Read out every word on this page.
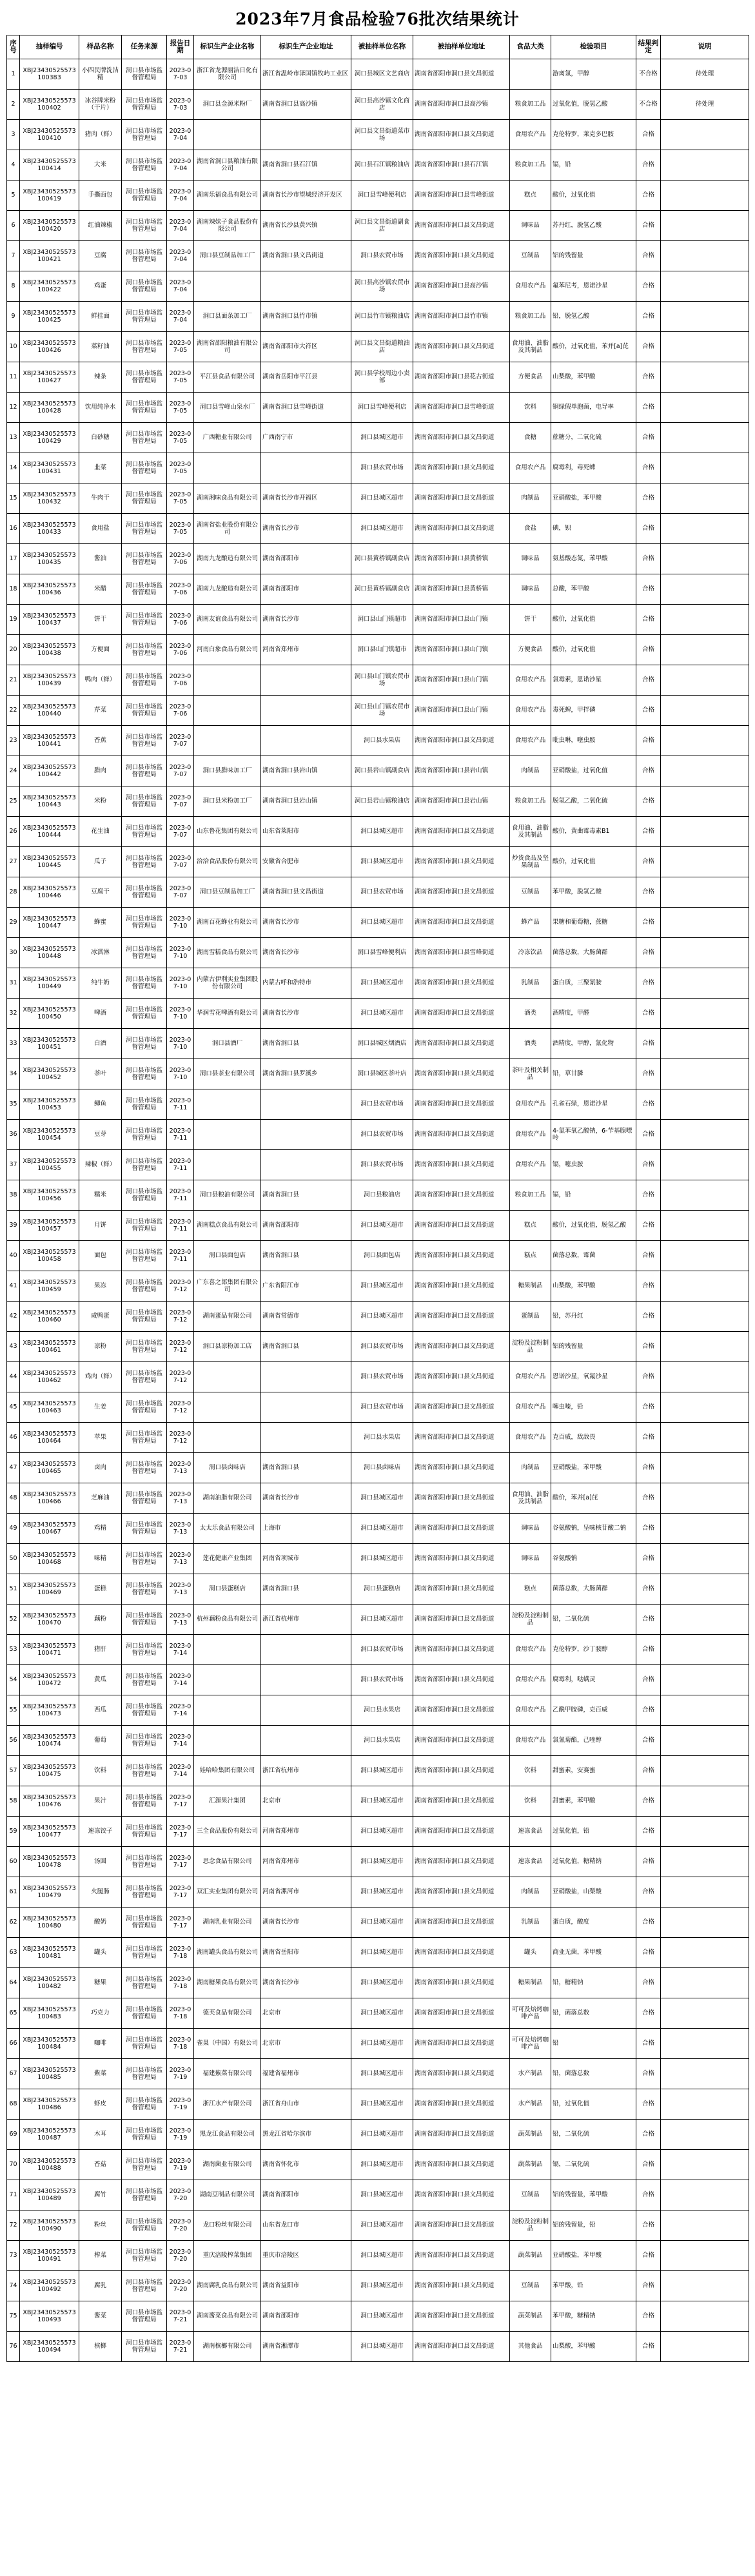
2023年7月食品检验76批次结果统计
序号	抽样编号	样品名称	任务来源	报告日期	标识生产企业名称	标识生产企业地址	被抽样单位名称	被抽样单位地址	食品大类	检验项目	结果判定	说明
1	XBJ23430525573100383	小四民牌洗洁精	洞口县市场监督管理局	2023-07-03	浙江省龙源丽洁日化有限公司	浙江省温岭市泽国镇牧屿工业区	洞口县城区文艺商店	湖南省邵阳市洞口县文昌街道		游离氯，甲醇	不合格	待处理
2	XBJ23430525573100402	冰谷牌米粉（干片）	洞口县市场监督管理局	2023-07-03	洞口县金源米粉厂	湖南省洞口县高沙镇	洞口县高沙镇文化商店	湖南省邵阳市洞口县高沙镇	粮食加工品	过氧化值，脱氢乙酸	不合格	待处理
3	XBJ23430525573100410	猪肉（鲜）	洞口县市场监督管理局	2023-07-04			洞口县文昌街道菜市场	湖南省邵阳市洞口县文昌街道	食用农产品	克伦特罗，莱克多巴胺	合格	
4	XBJ23430525573100414	大米	洞口县市场监督管理局	2023-07-04	湖南省洞口县粮油有限公司	湖南省洞口县石江镇	洞口县石江镇粮油店	湖南省邵阳市洞口县石江镇	粮食加工品	镉，铅	合格	
5	XBJ23430525573100419	手撕面包	洞口县市场监督管理局	2023-07-04	湖南乐福食品有限公司	湖南省长沙市望城经济开发区	洞口县雪峰便利店	湖南省邵阳市洞口县雪峰街道	糕点	酸价，过氧化值	合格	
6	XBJ23430525573100420	红油辣椒	洞口县市场监督管理局	2023-07-04	湖南辣妹子食品股份有限公司	湖南省长沙县黄兴镇	洞口县文昌街道副食店	湖南省邵阳市洞口县文昌街道	调味品	苏丹红，脱氢乙酸	合格	
7	XBJ23430525573100421	豆腐	洞口县市场监督管理局	2023-07-04	洞口县豆制品加工厂	湖南省洞口县文昌街道	洞口县农贸市场	湖南省邵阳市洞口县文昌街道	豆制品	铝的残留量	合格	
8	XBJ23430525573100422	鸡蛋	洞口县市场监督管理局	2023-07-04			洞口县高沙镇农贸市场	湖南省邵阳市洞口县高沙镇	食用农产品	氟苯尼考，恩诺沙星	合格	
9	XBJ23430525573100425	鲜挂面	洞口县市场监督管理局	2023-07-04	洞口县面条加工厂	湖南省洞口县竹市镇	洞口县竹市镇粮油店	湖南省邵阳市洞口县竹市镇	粮食加工品	铅，脱氢乙酸	合格	
10	XBJ23430525573100426	菜籽油	洞口县市场监督管理局	2023-07-05	湖南省邵阳粮油有限公司	湖南省邵阳市大祥区	洞口县文昌街道粮油店	湖南省邵阳市洞口县文昌街道	食用油、油脂及其制品	酸价，过氧化值，苯并[a]芘	合格	
11	XBJ23430525573100427	辣条	洞口县市场监督管理局	2023-07-05	平江县食品有限公司	湖南省岳阳市平江县	洞口县学校周边小卖部	湖南省邵阳市洞口县花古街道	方便食品	山梨酸，苯甲酸	合格	
12	XBJ23430525573100428	饮用纯净水	洞口县市场监督管理局	2023-07-05	洞口县雪峰山泉水厂	湖南省洞口县雪峰街道	洞口县雪峰便利店	湖南省邵阳市洞口县雪峰街道	饮料	铜绿假单胞菌，电导率	合格	
13	XBJ23430525573100429	白砂糖	洞口县市场监督管理局	2023-07-05	广西糖业有限公司	广西南宁市	洞口县城区超市	湖南省邵阳市洞口县文昌街道	食糖	蔗糖分，二氧化硫	合格	
14	XBJ23430525573100431	韭菜	洞口县市场监督管理局	2023-07-05			洞口县农贸市场	湖南省邵阳市洞口县文昌街道	食用农产品	腐霉利，毒死蜱	合格	
15	XBJ23430525573100432	牛肉干	洞口县市场监督管理局	2023-07-05	湖南湘味食品有限公司	湖南省长沙市开福区	洞口县城区超市	湖南省邵阳市洞口县文昌街道	肉制品	亚硝酸盐，苯甲酸	合格	
16	XBJ23430525573100433	食用盐	洞口县市场监督管理局	2023-07-05	湖南省盐业股份有限公司	湖南省长沙市	洞口县城区超市	湖南省邵阳市洞口县文昌街道	食盐	碘，钡	合格	
17	XBJ23430525573100435	酱油	洞口县市场监督管理局	2023-07-06	湖南九龙酿造有限公司	湖南省邵阳市	洞口县黄桥镇副食店	湖南省邵阳市洞口县黄桥镇	调味品	氨基酸态氮，苯甲酸	合格	
18	XBJ23430525573100436	米醋	洞口县市场监督管理局	2023-07-06	湖南九龙酿造有限公司	湖南省邵阳市	洞口县黄桥镇副食店	湖南省邵阳市洞口县黄桥镇	调味品	总酸，苯甲酸	合格	
19	XBJ23430525573100437	饼干	洞口县市场监督管理局	2023-07-06	湖南友谊食品有限公司	湖南省长沙市	洞口县山门镇超市	湖南省邵阳市洞口县山门镇	饼干	酸价，过氧化值	合格	
20	XBJ23430525573100438	方便面	洞口县市场监督管理局	2023-07-06	河南白象食品有限公司	河南省郑州市	洞口县山门镇超市	湖南省邵阳市洞口县山门镇	方便食品	酸价，过氧化值	合格	
21	XBJ23430525573100439	鸭肉（鲜）	洞口县市场监督管理局	2023-07-06			洞口县山门镇农贸市场	湖南省邵阳市洞口县山门镇	食用农产品	氯霉素，恩诺沙星	合格	
22	XBJ23430525573100440	芹菜	洞口县市场监督管理局	2023-07-06			洞口县山门镇农贸市场	湖南省邵阳市洞口县山门镇	食用农产品	毒死蜱，甲拌磷	合格	
23	XBJ23430525573100441	香蕉	洞口县市场监督管理局	2023-07-07			洞口县水果店	湖南省邵阳市洞口县文昌街道	食用农产品	吡虫啉，噻虫胺	合格	
24	XBJ23430525573100442	腊肉	洞口县市场监督管理局	2023-07-07	洞口县腊味加工厂	湖南省洞口县岩山镇	洞口县岩山镇副食店	湖南省邵阳市洞口县岩山镇	肉制品	亚硝酸盐，过氧化值	合格	
25	XBJ23430525573100443	米粉	洞口县市场监督管理局	2023-07-07	洞口县米粉加工厂	湖南省洞口县岩山镇	洞口县岩山镇粮油店	湖南省邵阳市洞口县岩山镇	粮食加工品	脱氢乙酸，二氧化硫	合格	
26	XBJ23430525573100444	花生油	洞口县市场监督管理局	2023-07-07	山东鲁花集团有限公司	山东省莱阳市	洞口县城区超市	湖南省邵阳市洞口县文昌街道	食用油、油脂及其制品	酸价，黄曲霉毒素B1	合格	
27	XBJ23430525573100445	瓜子	洞口县市场监督管理局	2023-07-07	洽洽食品股份有限公司	安徽省合肥市	洞口县城区超市	湖南省邵阳市洞口县文昌街道	炒货食品及坚果制品	酸价，过氧化值	合格	
28	XBJ23430525573100446	豆腐干	洞口县市场监督管理局	2023-07-07	洞口县豆制品加工厂	湖南省洞口县文昌街道	洞口县农贸市场	湖南省邵阳市洞口县文昌街道	豆制品	苯甲酸，脱氢乙酸	合格	
29	XBJ23430525573100447	蜂蜜	洞口县市场监督管理局	2023-07-10	湖南百花蜂业有限公司	湖南省长沙市	洞口县城区超市	湖南省邵阳市洞口县文昌街道	蜂产品	果糖和葡萄糖，蔗糖	合格	
30	XBJ23430525573100448	冰淇淋	洞口县市场监督管理局	2023-07-10	湖南雪糕食品有限公司	湖南省长沙市	洞口县雪峰便利店	湖南省邵阳市洞口县雪峰街道	冷冻饮品	菌落总数，大肠菌群	合格	
31	XBJ23430525573100449	纯牛奶	洞口县市场监督管理局	2023-07-10	内蒙古伊利实业集团股份有限公司	内蒙古呼和浩特市	洞口县城区超市	湖南省邵阳市洞口县文昌街道	乳制品	蛋白质，三聚氰胺	合格	
32	XBJ23430525573100450	啤酒	洞口县市场监督管理局	2023-07-10	华润雪花啤酒有限公司	湖南省长沙市	洞口县城区超市	湖南省邵阳市洞口县文昌街道	酒类	酒精度，甲醛	合格	
33	XBJ23430525573100451	白酒	洞口县市场监督管理局	2023-07-10	洞口县酒厂	湖南省洞口县	洞口县城区烟酒店	湖南省邵阳市洞口县文昌街道	酒类	酒精度，甲醇，氰化物	合格	
34	XBJ23430525573100452	茶叶	洞口县市场监督管理局	2023-07-10	洞口县茶业有限公司	湖南省洞口县罗溪乡	洞口县城区茶叶店	湖南省邵阳市洞口县文昌街道	茶叶及相关制品	铅，草甘膦	合格	
35	XBJ23430525573100453	鲫鱼	洞口县市场监督管理局	2023-07-11			洞口县农贸市场	湖南省邵阳市洞口县文昌街道	食用农产品	孔雀石绿，恩诺沙星	合格	
36	XBJ23430525573100454	豆芽	洞口县市场监督管理局	2023-07-11			洞口县农贸市场	湖南省邵阳市洞口县文昌街道	食用农产品	4-氯苯氧乙酸钠，6-苄基腺嘌呤	合格	
37	XBJ23430525573100455	辣椒（鲜）	洞口县市场监督管理局	2023-07-11			洞口县农贸市场	湖南省邵阳市洞口县文昌街道	食用农产品	镉，噻虫胺	合格	
38	XBJ23430525573100456	糯米	洞口县市场监督管理局	2023-07-11	洞口县粮油有限公司	湖南省洞口县	洞口县粮油店	湖南省邵阳市洞口县文昌街道	粮食加工品	镉，铅	合格	
39	XBJ23430525573100457	月饼	洞口县市场监督管理局	2023-07-11	湖南糕点食品有限公司	湖南省邵阳市	洞口县城区超市	湖南省邵阳市洞口县文昌街道	糕点	酸价，过氧化值，脱氢乙酸	合格	
40	XBJ23430525573100458	面包	洞口县市场监督管理局	2023-07-11	洞口县面包店	湖南省洞口县	洞口县面包店	湖南省邵阳市洞口县文昌街道	糕点	菌落总数，霉菌	合格	
41	XBJ23430525573100459	果冻	洞口县市场监督管理局	2023-07-12	广东喜之郎集团有限公司	广东省阳江市	洞口县城区超市	湖南省邵阳市洞口县文昌街道	糖果制品	山梨酸，苯甲酸	合格	
42	XBJ23430525573100460	咸鸭蛋	洞口县市场监督管理局	2023-07-12	湖南蛋品有限公司	湖南省常德市	洞口县城区超市	湖南省邵阳市洞口县文昌街道	蛋制品	铅，苏丹红	合格	
43	XBJ23430525573100461	凉粉	洞口县市场监督管理局	2023-07-12	洞口县凉粉加工店	湖南省洞口县	洞口县农贸市场	湖南省邵阳市洞口县文昌街道	淀粉及淀粉制品	铝的残留量	合格	
44	XBJ23430525573100462	鸡肉（鲜）	洞口县市场监督管理局	2023-07-12			洞口县农贸市场	湖南省邵阳市洞口县文昌街道	食用农产品	恩诺沙星，氧氟沙星	合格	
45	XBJ23430525573100463	生姜	洞口县市场监督管理局	2023-07-12			洞口县农贸市场	湖南省邵阳市洞口县文昌街道	食用农产品	噻虫嗪，铅	合格	
46	XBJ23430525573100464	苹果	洞口县市场监督管理局	2023-07-12			洞口县水果店	湖南省邵阳市洞口县文昌街道	食用农产品	克百威，敌敌畏	合格	
47	XBJ23430525573100465	卤肉	洞口县市场监督管理局	2023-07-13	洞口县卤味店	湖南省洞口县	洞口县卤味店	湖南省邵阳市洞口县文昌街道	肉制品	亚硝酸盐，苯甲酸	合格	
48	XBJ23430525573100466	芝麻油	洞口县市场监督管理局	2023-07-13	湖南油脂有限公司	湖南省长沙市	洞口县城区超市	湖南省邵阳市洞口县文昌街道	食用油、油脂及其制品	酸价，苯并[a]芘	合格	
49	XBJ23430525573100467	鸡精	洞口县市场监督管理局	2023-07-13	太太乐食品有限公司	上海市	洞口县城区超市	湖南省邵阳市洞口县文昌街道	调味品	谷氨酸钠，呈味核苷酸二钠	合格	
50	XBJ23430525573100468	味精	洞口县市场监督管理局	2023-07-13	莲花健康产业集团	河南省项城市	洞口县城区超市	湖南省邵阳市洞口县文昌街道	调味品	谷氨酸钠	合格	
51	XBJ23430525573100469	蛋糕	洞口县市场监督管理局	2023-07-13	洞口县蛋糕店	湖南省洞口县	洞口县蛋糕店	湖南省邵阳市洞口县文昌街道	糕点	菌落总数，大肠菌群	合格	
52	XBJ23430525573100470	藕粉	洞口县市场监督管理局	2023-07-13	杭州藕粉食品有限公司	浙江省杭州市	洞口县城区超市	湖南省邵阳市洞口县文昌街道	淀粉及淀粉制品	铅，二氧化硫	合格	
53	XBJ23430525573100471	猪肝	洞口县市场监督管理局	2023-07-14			洞口县农贸市场	湖南省邵阳市洞口县文昌街道	食用农产品	克伦特罗，沙丁胺醇	合格	
54	XBJ23430525573100472	黄瓜	洞口县市场监督管理局	2023-07-14			洞口县农贸市场	湖南省邵阳市洞口县文昌街道	食用农产品	腐霉利，哒螨灵	合格	
55	XBJ23430525573100473	西瓜	洞口县市场监督管理局	2023-07-14			洞口县水果店	湖南省邵阳市洞口县文昌街道	食用农产品	乙酰甲胺磷，克百威	合格	
56	XBJ23430525573100474	葡萄	洞口县市场监督管理局	2023-07-14			洞口县水果店	湖南省邵阳市洞口县文昌街道	食用农产品	氯氰菊酯，己唑醇	合格	
57	XBJ23430525573100475	饮料	洞口县市场监督管理局	2023-07-14	娃哈哈集团有限公司	浙江省杭州市	洞口县城区超市	湖南省邵阳市洞口县文昌街道	饮料	甜蜜素，安赛蜜	合格	
58	XBJ23430525573100476	果汁	洞口县市场监督管理局	2023-07-17	汇源果汁集团	北京市	洞口县城区超市	湖南省邵阳市洞口县文昌街道	饮料	甜蜜素，苯甲酸	合格	
59	XBJ23430525573100477	速冻饺子	洞口县市场监督管理局	2023-07-17	三全食品股份有限公司	河南省郑州市	洞口县城区超市	湖南省邵阳市洞口县文昌街道	速冻食品	过氧化值，铅	合格	
60	XBJ23430525573100478	汤圆	洞口县市场监督管理局	2023-07-17	思念食品有限公司	河南省郑州市	洞口县城区超市	湖南省邵阳市洞口县文昌街道	速冻食品	过氧化值，糖精钠	合格	
61	XBJ23430525573100479	火腿肠	洞口县市场监督管理局	2023-07-17	双汇实业集团有限公司	河南省漯河市	洞口县城区超市	湖南省邵阳市洞口县文昌街道	肉制品	亚硝酸盐，山梨酸	合格	
62	XBJ23430525573100480	酸奶	洞口县市场监督管理局	2023-07-17	湖南乳业有限公司	湖南省长沙市	洞口县城区超市	湖南省邵阳市洞口县文昌街道	乳制品	蛋白质，酸度	合格	
63	XBJ23430525573100481	罐头	洞口县市场监督管理局	2023-07-18	湖南罐头食品有限公司	湖南省岳阳市	洞口县城区超市	湖南省邵阳市洞口县文昌街道	罐头	商业无菌，苯甲酸	合格	
64	XBJ23430525573100482	糖果	洞口县市场监督管理局	2023-07-18	湖南糖果食品有限公司	湖南省长沙市	洞口县城区超市	湖南省邵阳市洞口县文昌街道	糖果制品	铅，糖精钠	合格	
65	XBJ23430525573100483	巧克力	洞口县市场监督管理局	2023-07-18	德芙食品有限公司	北京市	洞口县城区超市	湖南省邵阳市洞口县文昌街道	可可及焙烤咖啡产品	铅，菌落总数	合格	
66	XBJ23430525573100484	咖啡	洞口县市场监督管理局	2023-07-18	雀巢（中国）有限公司	北京市	洞口县城区超市	湖南省邵阳市洞口县文昌街道	可可及焙烤咖啡产品	铅	合格	
67	XBJ23430525573100485	紫菜	洞口县市场监督管理局	2023-07-19	福建紫菜有限公司	福建省福州市	洞口县城区超市	湖南省邵阳市洞口县文昌街道	水产制品	铅，菌落总数	合格	
68	XBJ23430525573100486	虾皮	洞口县市场监督管理局	2023-07-19	浙江水产有限公司	浙江省舟山市	洞口县城区超市	湖南省邵阳市洞口县文昌街道	水产制品	铅，过氧化值	合格	
69	XBJ23430525573100487	木耳	洞口县市场监督管理局	2023-07-19	黑龙江食品有限公司	黑龙江省哈尔滨市	洞口县城区超市	湖南省邵阳市洞口县文昌街道	蔬菜制品	铅，二氧化硫	合格	
70	XBJ23430525573100488	香菇	洞口县市场监督管理局	2023-07-19	湖南菌业有限公司	湖南省怀化市	洞口县城区超市	湖南省邵阳市洞口县文昌街道	蔬菜制品	镉，二氧化硫	合格	
71	XBJ23430525573100489	腐竹	洞口县市场监督管理局	2023-07-20	湖南豆制品有限公司	湖南省邵阳市	洞口县城区超市	湖南省邵阳市洞口县文昌街道	豆制品	铝的残留量，苯甲酸	合格	
72	XBJ23430525573100490	粉丝	洞口县市场监督管理局	2023-07-20	龙口粉丝有限公司	山东省龙口市	洞口县城区超市	湖南省邵阳市洞口县文昌街道	淀粉及淀粉制品	铝的残留量，铅	合格	
73	XBJ23430525573100491	榨菜	洞口县市场监督管理局	2023-07-20	重庆涪陵榨菜集团	重庆市涪陵区	洞口县城区超市	湖南省邵阳市洞口县文昌街道	蔬菜制品	亚硝酸盐，苯甲酸	合格	
74	XBJ23430525573100492	腐乳	洞口县市场监督管理局	2023-07-20	湖南腐乳食品有限公司	湖南省益阳市	洞口县城区超市	湖南省邵阳市洞口县文昌街道	豆制品	苯甲酸，铅	合格	
75	XBJ23430525573100493	酱菜	洞口县市场监督管理局	2023-07-21	湖南酱菜食品有限公司	湖南省邵阳市	洞口县城区超市	湖南省邵阳市洞口县文昌街道	蔬菜制品	苯甲酸，糖精钠	合格	
76	XBJ23430525573100494	槟榔	洞口县市场监督管理局	2023-07-21	湖南槟榔有限公司	湖南省湘潭市	洞口县城区超市	湖南省邵阳市洞口县文昌街道	其他食品	山梨酸，苯甲酸	合格	
